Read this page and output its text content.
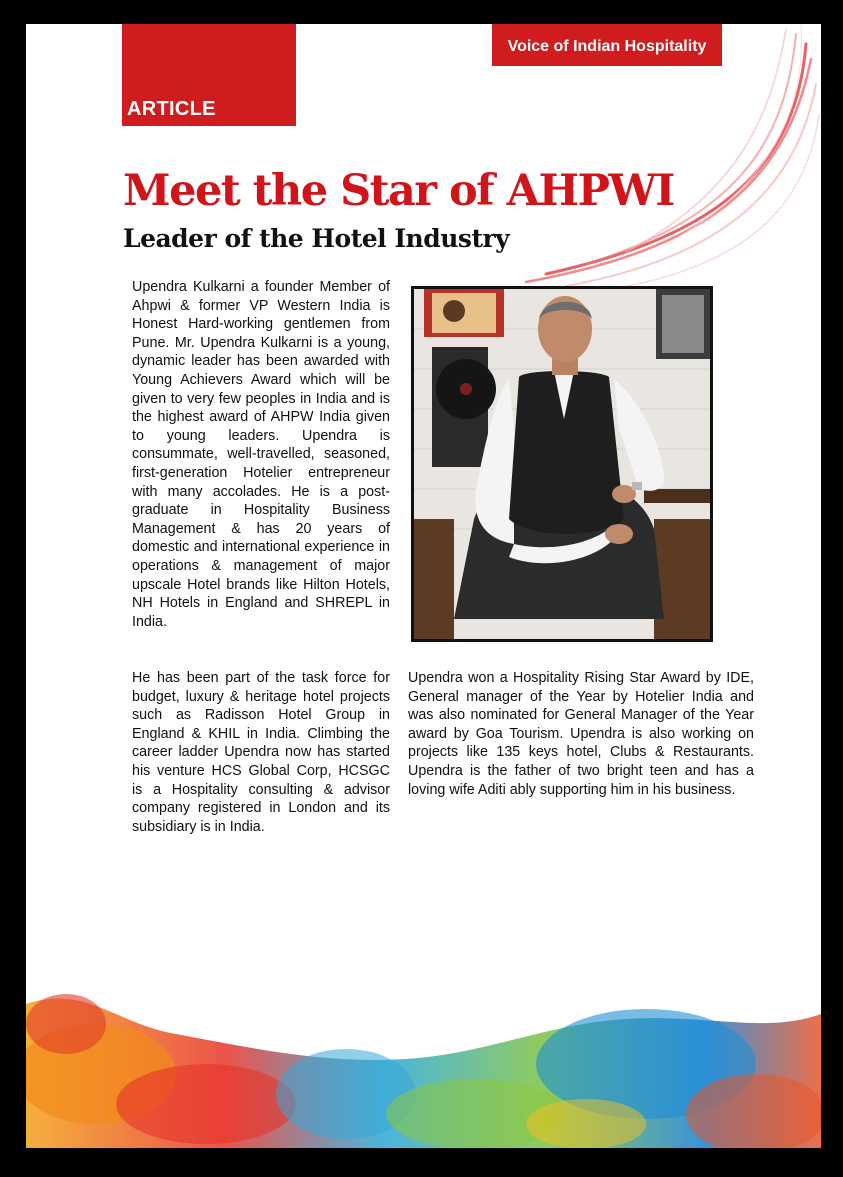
ARTICLE
Voice of Indian Hospitality
Meet the Star of AHPWI
Leader of the Hotel Industry

Upendra Kulkarni a founder Member of Ahpwi & former VP Western India is Honest Hard-working gentlemen from Pune. Mr. Upendra Kulkarni is a young, dynamic leader has been awarded with Young Achievers Award which will be given to very few peoples in India and is the highest award of AHPW India given to young leaders. Upendra is consummate, well-travelled, seasoned, first-generation Hotelier entrepreneur with many accolades. He is a post-graduate in Hospitality Business Management & has 20 years of domestic and international experience in operations & management of major upscale Hotel brands like Hilton Hotels, NH Hotels in England and SHREPL in India.

He has been part of the task force for budget, luxury & heritage hotel projects such as Radisson Hotel Group in England & KHIL in India. Climbing the career ladder Upendra now has started his venture HCS Global Corp, HCSGC is a Hospitality consulting & advisor company registered in London and its subsidiary is in India.

Upendra won a Hospitality Rising Star Award by IDE, General manager of the Year by Hotelier India and was also nominated for General Manager of the Year award by Goa Tourism. Upendra is also working on projects like 135 keys hotel, Clubs & Restaurants. Upendra is the father of two bright teen and has a loving wife Aditi ably supporting him in his business.
